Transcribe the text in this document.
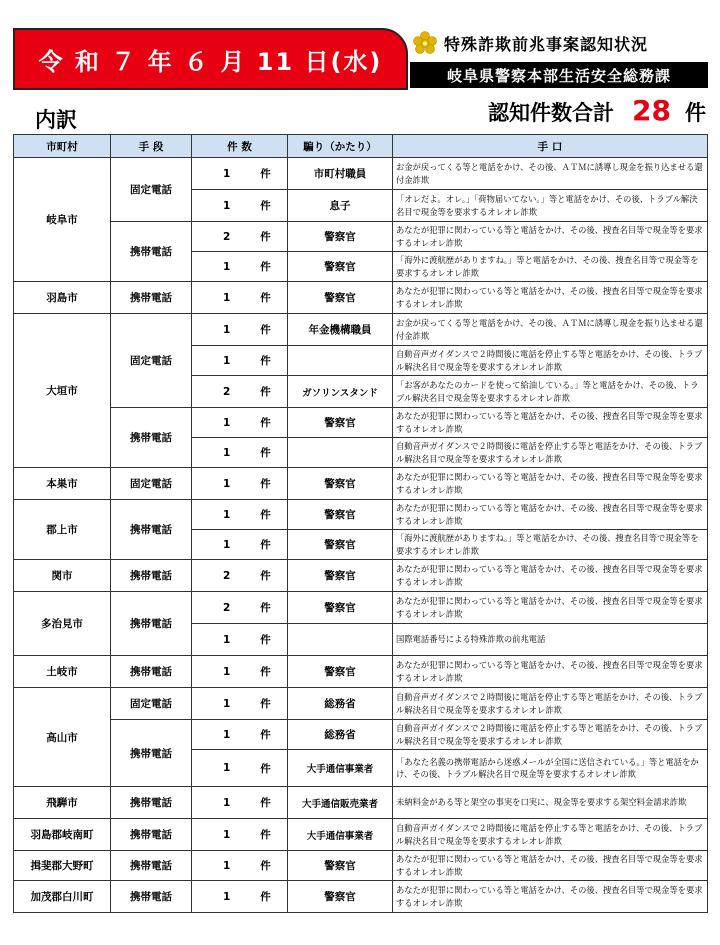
令 和 ７ 年 ６ 月 11 日(水)
特殊詐欺前兆事案認知状況
岐阜県警察本部生活安全総務課
内訳	認知件数合計 28 件
市町村	手 段	件 数	騙り（かたり）	手 口
岐阜市	固定電話	1 件	市町村職員	お金が戻ってくる等と電話をかけ、その後、ＡＴＭに誘導し現金を振り込ませる還付金詐欺

		1 件	息子	「オレだよ。オレ。」「荷物届いてない。」等と電話をかけ、その後、トラブル解決名目で現金等を要求するオレオレ詐欺
	携帯電話	2 件	警察官	あなたが犯罪に関わっている等と電話をかけ、その後、捜査名目等で現金等を要求するオレオレ詐欺

		1 件	警察官	「海外に渡航歴がありますね。」等と電話をかけ、その後、捜査名目等で現金等を要求するオレオレ詐欺
羽島市	携帯電話	1 件	警察官	あなたが犯罪に関わっている等と電話をかけ、その後、捜査名目等で現金等を要求するオレオレ詐欺
大垣市	固定電話	1 件	年金機構職員	お金が戻ってくる等と電話をかけ、その後、ＡＴＭに誘導し現金を振り込ませる還付金詐欺

		1 件		自動音声ガイダンスで２時間後に電話を停止する等と電話をかけ、その後、トラブル解決名目で現金等を要求するオレオレ詐欺

		2 件	ガソリンスタンド	「お客があなたのカードを使って給油している。」等と電話をかけ、その後、トラブル解決名目で現金等を要求するオレオレ詐欺
	携帯電話	1 件	警察官	あなたが犯罪に関わっている等と電話をかけ、その後、捜査名目等で現金等を要求するオレオレ詐欺

		1 件		自動音声ガイダンスで２時間後に電話を停止する等と電話をかけ、その後、トラブル解決名目で現金等を要求するオレオレ詐欺
本巣市	固定電話	1 件	警察官	あなたが犯罪に関わっている等と電話をかけ、その後、捜査名目等で現金等を要求するオレオレ詐欺
郡上市	携帯電話	1 件	警察官	あなたが犯罪に関わっている等と電話をかけ、その後、捜査名目等で現金等を要求するオレオレ詐欺

		1 件	警察官	「海外に渡航歴がありますね。」等と電話をかけ、その後、捜査名目等で現金等を要求するオレオレ詐欺
関市	携帯電話	2 件	警察官	あなたが犯罪に関わっている等と電話をかけ、その後、捜査名目等で現金等を要求するオレオレ詐欺
多治見市	携帯電話	2 件	警察官	あなたが犯罪に関わっている等と電話をかけ、その後、捜査名目等で現金等を要求するオレオレ詐欺

		1 件		国際電話番号による特殊詐欺の前兆電話
土岐市	携帯電話	1 件	警察官	あなたが犯罪に関わっている等と電話をかけ、その後、捜査名目等で現金等を要求するオレオレ詐欺
高山市	固定電話	1 件	総務省	自動音声ガイダンスで２時間後に電話を停止する等と電話をかけ、その後、トラブル解決名目で現金等を要求するオレオレ詐欺
	携帯電話	1 件	総務省	自動音声ガイダンスで２時間後に電話を停止する等と電話をかけ、その後、トラブル解決名目で現金等を要求するオレオレ詐欺

		1 件	大手通信事業者	「あなた名義の携帯電話から迷惑メールが全国に送信されている。」等と電話をかけ、その後、トラブル解決名目で現金等を要求するオレオレ詐欺
飛騨市	携帯電話	1 件	大手通信販売業者	未納料金がある等と架空の事実を口実に、現金等を要求する架空料金請求詐欺
羽島郡岐南町	携帯電話	1 件	大手通信事業者	自動音声ガイダンスで２時間後に電話を停止する等と電話をかけ、その後、トラブル解決名目で現金等を要求するオレオレ詐欺
揖斐郡大野町	携帯電話	1 件	警察官	あなたが犯罪に関わっている等と電話をかけ、その後、捜査名目等で現金等を要求するオレオレ詐欺
加茂郡白川町	携帯電話	1 件	警察官	あなたが犯罪に関わっている等と電話をかけ、その後、捜査名目等で現金等を要求するオレオレ詐欺
